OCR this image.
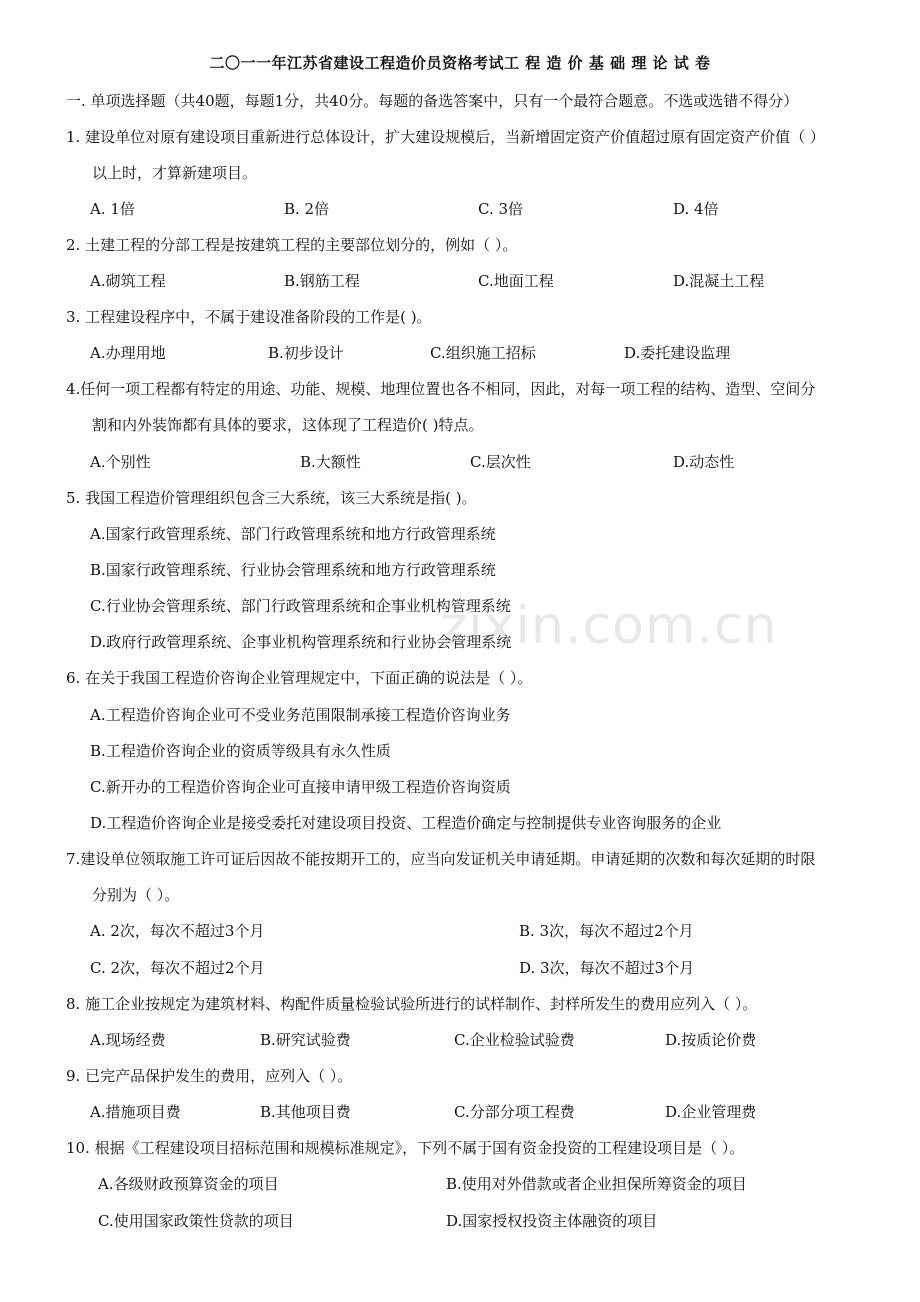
二〇一一年江苏省建设工程造价员资格考试工 程 造 价 基 础 理 论 试 卷
一. 单项选择题（共40题，每题1分，共40分。每题的备选答案中，只有一个最符合题意。不选或选错不得分）
1. 建设单位对原有建设项目重新进行总体设计，扩大建设规模后，当新增固定资产价值超过原有固定资产价值（ ）
以上时，才算新建项目。
A. 1倍	B. 2倍	C. 3倍	D. 4倍
2. 土建工程的分部工程是按建筑工程的主要部位划分的，例如（ ）。
A.砌筑工程	B.钢筋工程	C.地面工程	D.混凝土工程
3. 工程建设程序中，不属于建设准备阶段的工作是( )。
A.办理用地	B.初步设计	C.组织施工招标	D.委托建设监理
4.任何一项工程都有特定的用途、功能、规模、地理位置也各不相同，因此，对每一项工程的结构、造型、空间分
割和内外装饰都有具体的要求，这体现了工程造价( )特点。
A.个别性	B.大额性	C.层次性	D.动态性
5. 我国工程造价管理组织包含三大系统，该三大系统是指( )。
A.国家行政管理系统、部门行政管理系统和地方行政管理系统
B.国家行政管理系统、行业协会管理系统和地方行政管理系统
C.行业协会管理系统、部门行政管理系统和企事业机构管理系统
D.政府行政管理系统、企事业机构管理系统和行业协会管理系统
6. 在关于我国工程造价咨询企业管理规定中，下面正确的说法是（ ）。
A.工程造价咨询企业可不受业务范围限制承接工程造价咨询业务
B.工程造价咨询企业的资质等级具有永久性质
C.新开办的工程造价咨询企业可直接申请甲级工程造价咨询资质
D.工程造价咨询企业是接受委托对建设项目投资、工程造价确定与控制提供专业咨询服务的企业
7.建设单位领取施工许可证后因故不能按期开工的，应当向发证机关申请延期。申请延期的次数和每次延期的时限
分别为（ ）。
A. 2次，每次不超过3个月	B. 3次，每次不超过2个月
C. 2次，每次不超过2个月	D. 3次，每次不超过3个月
8. 施工企业按规定为建筑材料、构配件质量检验试验所进行的试样制作、封样所发生的费用应列入（ ）。
A.现场经费	B.研究试验费	C.企业检验试验费	D.按质论价费
9. 已完产品保护发生的费用，应列入（ ）。
A.措施项目费	B.其他项目费	C.分部分项工程费	D.企业管理费
10. 根据《工程建设项目招标范围和规模标准规定》，下列不属于国有资金投资的工程建设项目是（ ）。
A.各级财政预算资金的项目	B.使用对外借款或者企业担保所筹资金的项目
C.使用国家政策性贷款的项目	D.国家授权投资主体融资的项目
zixin.com.cn
